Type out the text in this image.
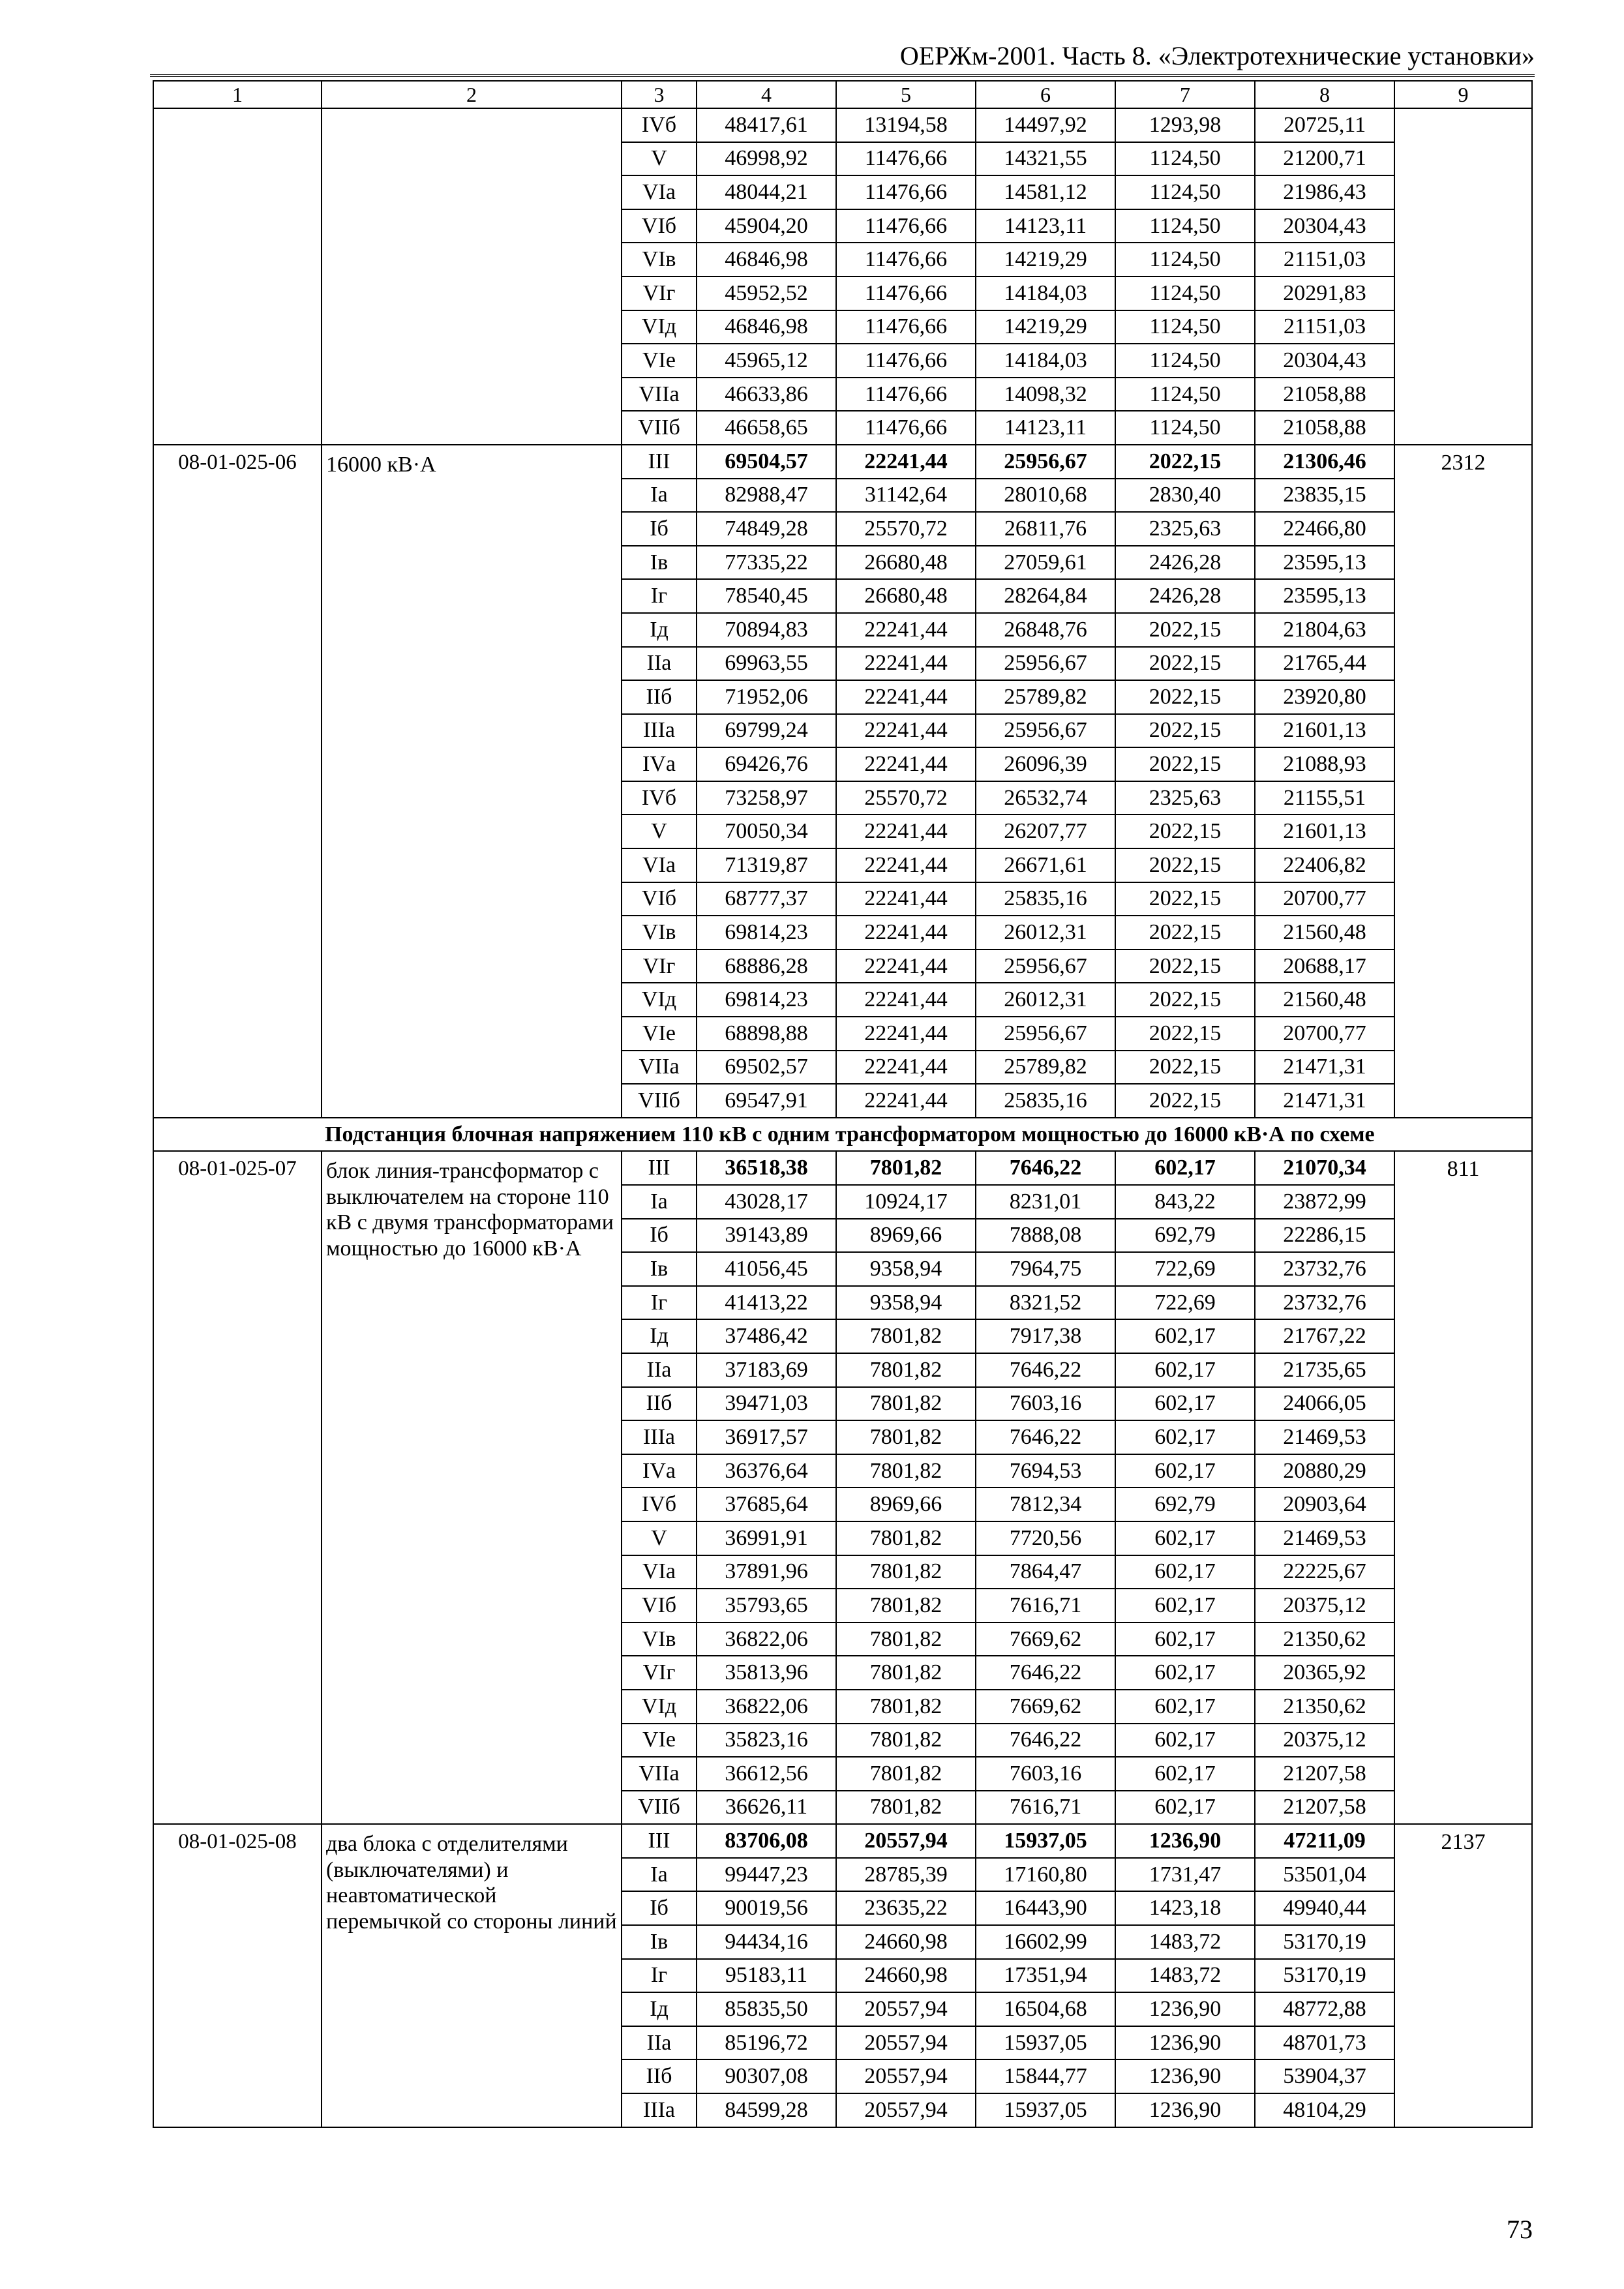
ОЕРЖм-2001. Часть 8. «Электротехнические установки»
1	2	3	4	5	6	7	8	9
		IVб	48417,61	13194,58	14497,92	1293,98	20725,11	
		V	46998,92	11476,66	14321,55	1124,50	21200,71	
		VIа	48044,21	11476,66	14581,12	1124,50	21986,43	
		VIб	45904,20	11476,66	14123,11	1124,50	20304,43	
		VIв	46846,98	11476,66	14219,29	1124,50	21151,03	
		VIг	45952,52	11476,66	14184,03	1124,50	20291,83	
		VIд	46846,98	11476,66	14219,29	1124,50	21151,03	
		VIе	45965,12	11476,66	14184,03	1124,50	20304,43	
		VIIа	46633,86	11476,66	14098,32	1124,50	21058,88	
		VIIб	46658,65	11476,66	14123,11	1124,50	21058,88	
08-01-025-06	16000 кВ·А	III	69504,57	22241,44	25956,67	2022,15	21306,46	2312
		Iа	82988,47	31142,64	28010,68	2830,40	23835,15	
		Iб	74849,28	25570,72	26811,76	2325,63	22466,80	
		Iв	77335,22	26680,48	27059,61	2426,28	23595,13	
		Iг	78540,45	26680,48	28264,84	2426,28	23595,13	
		Iд	70894,83	22241,44	26848,76	2022,15	21804,63	
		IIа	69963,55	22241,44	25956,67	2022,15	21765,44	
		IIб	71952,06	22241,44	25789,82	2022,15	23920,80	
		IIIа	69799,24	22241,44	25956,67	2022,15	21601,13	
		IVа	69426,76	22241,44	26096,39	2022,15	21088,93	
		IVб	73258,97	25570,72	26532,74	2325,63	21155,51	
		V	70050,34	22241,44	26207,77	2022,15	21601,13	
		VIа	71319,87	22241,44	26671,61	2022,15	22406,82	
		VIб	68777,37	22241,44	25835,16	2022,15	20700,77	
		VIв	69814,23	22241,44	26012,31	2022,15	21560,48	
		VIг	68886,28	22241,44	25956,67	2022,15	20688,17	
		VIд	69814,23	22241,44	26012,31	2022,15	21560,48	
		VIе	68898,88	22241,44	25956,67	2022,15	20700,77	
		VIIа	69502,57	22241,44	25789,82	2022,15	21471,31	
		VIIб	69547,91	22241,44	25835,16	2022,15	21471,31	
Подстанция блочная напряжением 110 кВ с одним трансформатором мощностью до 16000 кВ·А по схеме								
08-01-025-07	блок линия-трансформатор с выключателем на стороне 110 кВ с двумя трансформаторами мощностью до 16000 кВ·А	III	36518,38	7801,82	7646,22	602,17	21070,34	811
		Iа	43028,17	10924,17	8231,01	843,22	23872,99	
		Iб	39143,89	8969,66	7888,08	692,79	22286,15	
		Iв	41056,45	9358,94	7964,75	722,69	23732,76	
		Iг	41413,22	9358,94	8321,52	722,69	23732,76	
		Iд	37486,42	7801,82	7917,38	602,17	21767,22	
		IIа	37183,69	7801,82	7646,22	602,17	21735,65	
		IIб	39471,03	7801,82	7603,16	602,17	24066,05	
		IIIа	36917,57	7801,82	7646,22	602,17	21469,53	
		IVа	36376,64	7801,82	7694,53	602,17	20880,29	
		IVб	37685,64	8969,66	7812,34	692,79	20903,64	
		V	36991,91	7801,82	7720,56	602,17	21469,53	
		VIа	37891,96	7801,82	7864,47	602,17	22225,67	
		VIб	35793,65	7801,82	7616,71	602,17	20375,12	
		VIв	36822,06	7801,82	7669,62	602,17	21350,62	
		VIг	35813,96	7801,82	7646,22	602,17	20365,92	
		VIд	36822,06	7801,82	7669,62	602,17	21350,62	
		VIе	35823,16	7801,82	7646,22	602,17	20375,12	
		VIIа	36612,56	7801,82	7603,16	602,17	21207,58	
		VIIб	36626,11	7801,82	7616,71	602,17	21207,58	
08-01-025-08	два блока с отделителями (выключателями) и неавтоматической перемычкой со стороны линий	III	83706,08	20557,94	15937,05	1236,90	47211,09	2137
		Iа	99447,23	28785,39	17160,80	1731,47	53501,04	
		Iб	90019,56	23635,22	16443,90	1423,18	49940,44	
		Iв	94434,16	24660,98	16602,99	1483,72	53170,19	
		Iг	95183,11	24660,98	17351,94	1483,72	53170,19	
		Iд	85835,50	20557,94	16504,68	1236,90	48772,88	
		IIа	85196,72	20557,94	15937,05	1236,90	48701,73	
		IIб	90307,08	20557,94	15844,77	1236,90	53904,37	
		IIIа	84599,28	20557,94	15937,05	1236,90	48104,29	
73
